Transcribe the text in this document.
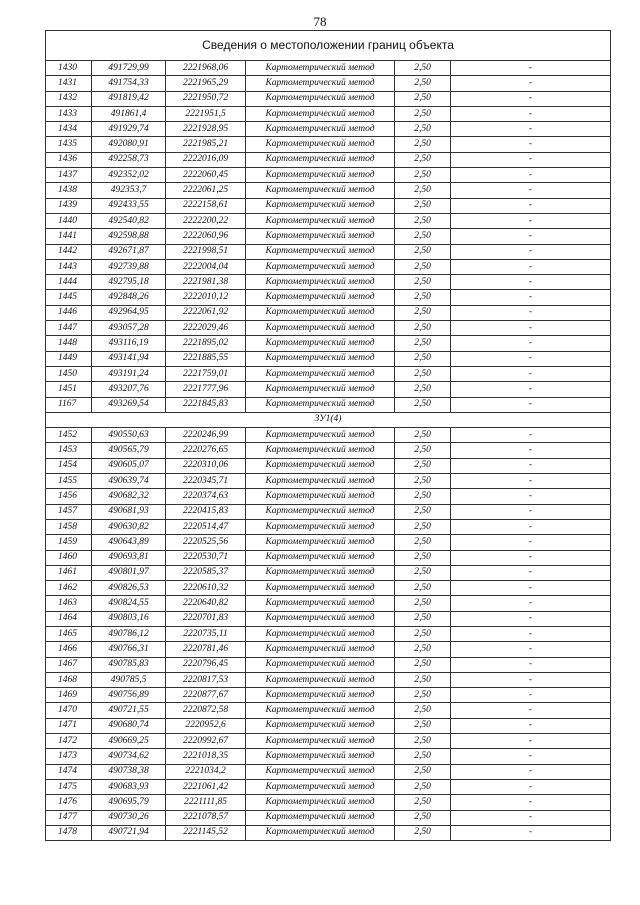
78
Сведения о местоположении границ объекта					
1430	491729,99	2221968,06	Картометрический метод	2,50	-
1431	491754,33	2221965,29	Картометрический метод	2,50	-
1432	491819,42	2221950,72	Картометрический метод	2,50	-
1433	491861,4	2221951,5	Картометрический метод	2,50	-
1434	491929,74	2221928,95	Картометрический метод	2,50	-
1435	492080,91	2221985,21	Картометрический метод	2,50	-
1436	492258,73	2222016,09	Картометрический метод	2,50	-
1437	492352,02	2222060,45	Картометрический метод	2,50	-
1438	492353,7	2222061,25	Картометрический метод	2,50	-
1439	492433,55	2222158,61	Картометрический метод	2,50	-
1440	492540,82	2222200,22	Картометрический метод	2,50	-
1441	492598,88	2222060,96	Картометрический метод	2,50	-
1442	492671,87	2221998,51	Картометрический метод	2,50	-
1443	492739,88	2222004,04	Картометрический метод	2,50	-
1444	492795,18	2221981,38	Картометрический метод	2,50	-
1445	492848,26	2222010,12	Картометрический метод	2,50	-
1446	492964,95	2222061,92	Картометрический метод	2,50	-
1447	493057,28	2222029,46	Картометрический метод	2,50	-
1448	493116,19	2221895,02	Картометрический метод	2,50	-
1449	493141,94	2221885,55	Картометрический метод	2,50	-
1450	493191,24	2221759,01	Картометрический метод	2,50	-
1451	493207,76	2221777,96	Картометрический метод	2,50	-
1167	493269,54	2221845,83	Картометрический метод	2,50	-
ЗУ1(4)					
1452	490550,63	2220246,99	Картометрический метод	2,50	-
1453	490565,79	2220276,65	Картометрический метод	2,50	-
1454	490605,07	2220310,06	Картометрический метод	2,50	-
1455	490639,74	2220345,71	Картометрический метод	2,50	-
1456	490682,32	2220374,63	Картометрический метод	2,50	-
1457	490681,93	2220415,83	Картометрический метод	2,50	-
1458	490630,82	2220514,47	Картометрический метод	2,50	-
1459	490643,89	2220525,56	Картометрический метод	2,50	-
1460	490693,81	2220530,71	Картометрический метод	2,50	-
1461	490801,97	2220585,37	Картометрический метод	2,50	-
1462	490826,53	2220610,32	Картометрический метод	2,50	-
1463	490824,55	2220640,82	Картометрический метод	2,50	-
1464	490803,16	2220701,83	Картометрический метод	2,50	-
1465	490786,12	2220735,11	Картометрический метод	2,50	-
1466	490766,31	2220781,46	Картометрический метод	2,50	-
1467	490785,83	2220796,45	Картометрический метод	2,50	-
1468	490785,5	2220817,53	Картометрический метод	2,50	-
1469	490756,89	2220877,67	Картометрический метод	2,50	-
1470	490721,55	2220872,58	Картометрический метод	2,50	-
1471	490680,74	2220952,6	Картометрический метод	2,50	-
1472	490669,25	2220992,67	Картометрический метод	2,50	-
1473	490734,62	2221018,35	Картометрический метод	2,50	-
1474	490738,38	2221034,2	Картометрический метод	2,50	-
1475	490683,93	2221061,42	Картометрический метод	2,50	-
1476	490695,79	2221111,85	Картометрический метод	2,50	-
1477	490730,26	2221078,57	Картометрический метод	2,50	-
1478	490721,94	2221145,52	Картометрический метод	2,50	-
